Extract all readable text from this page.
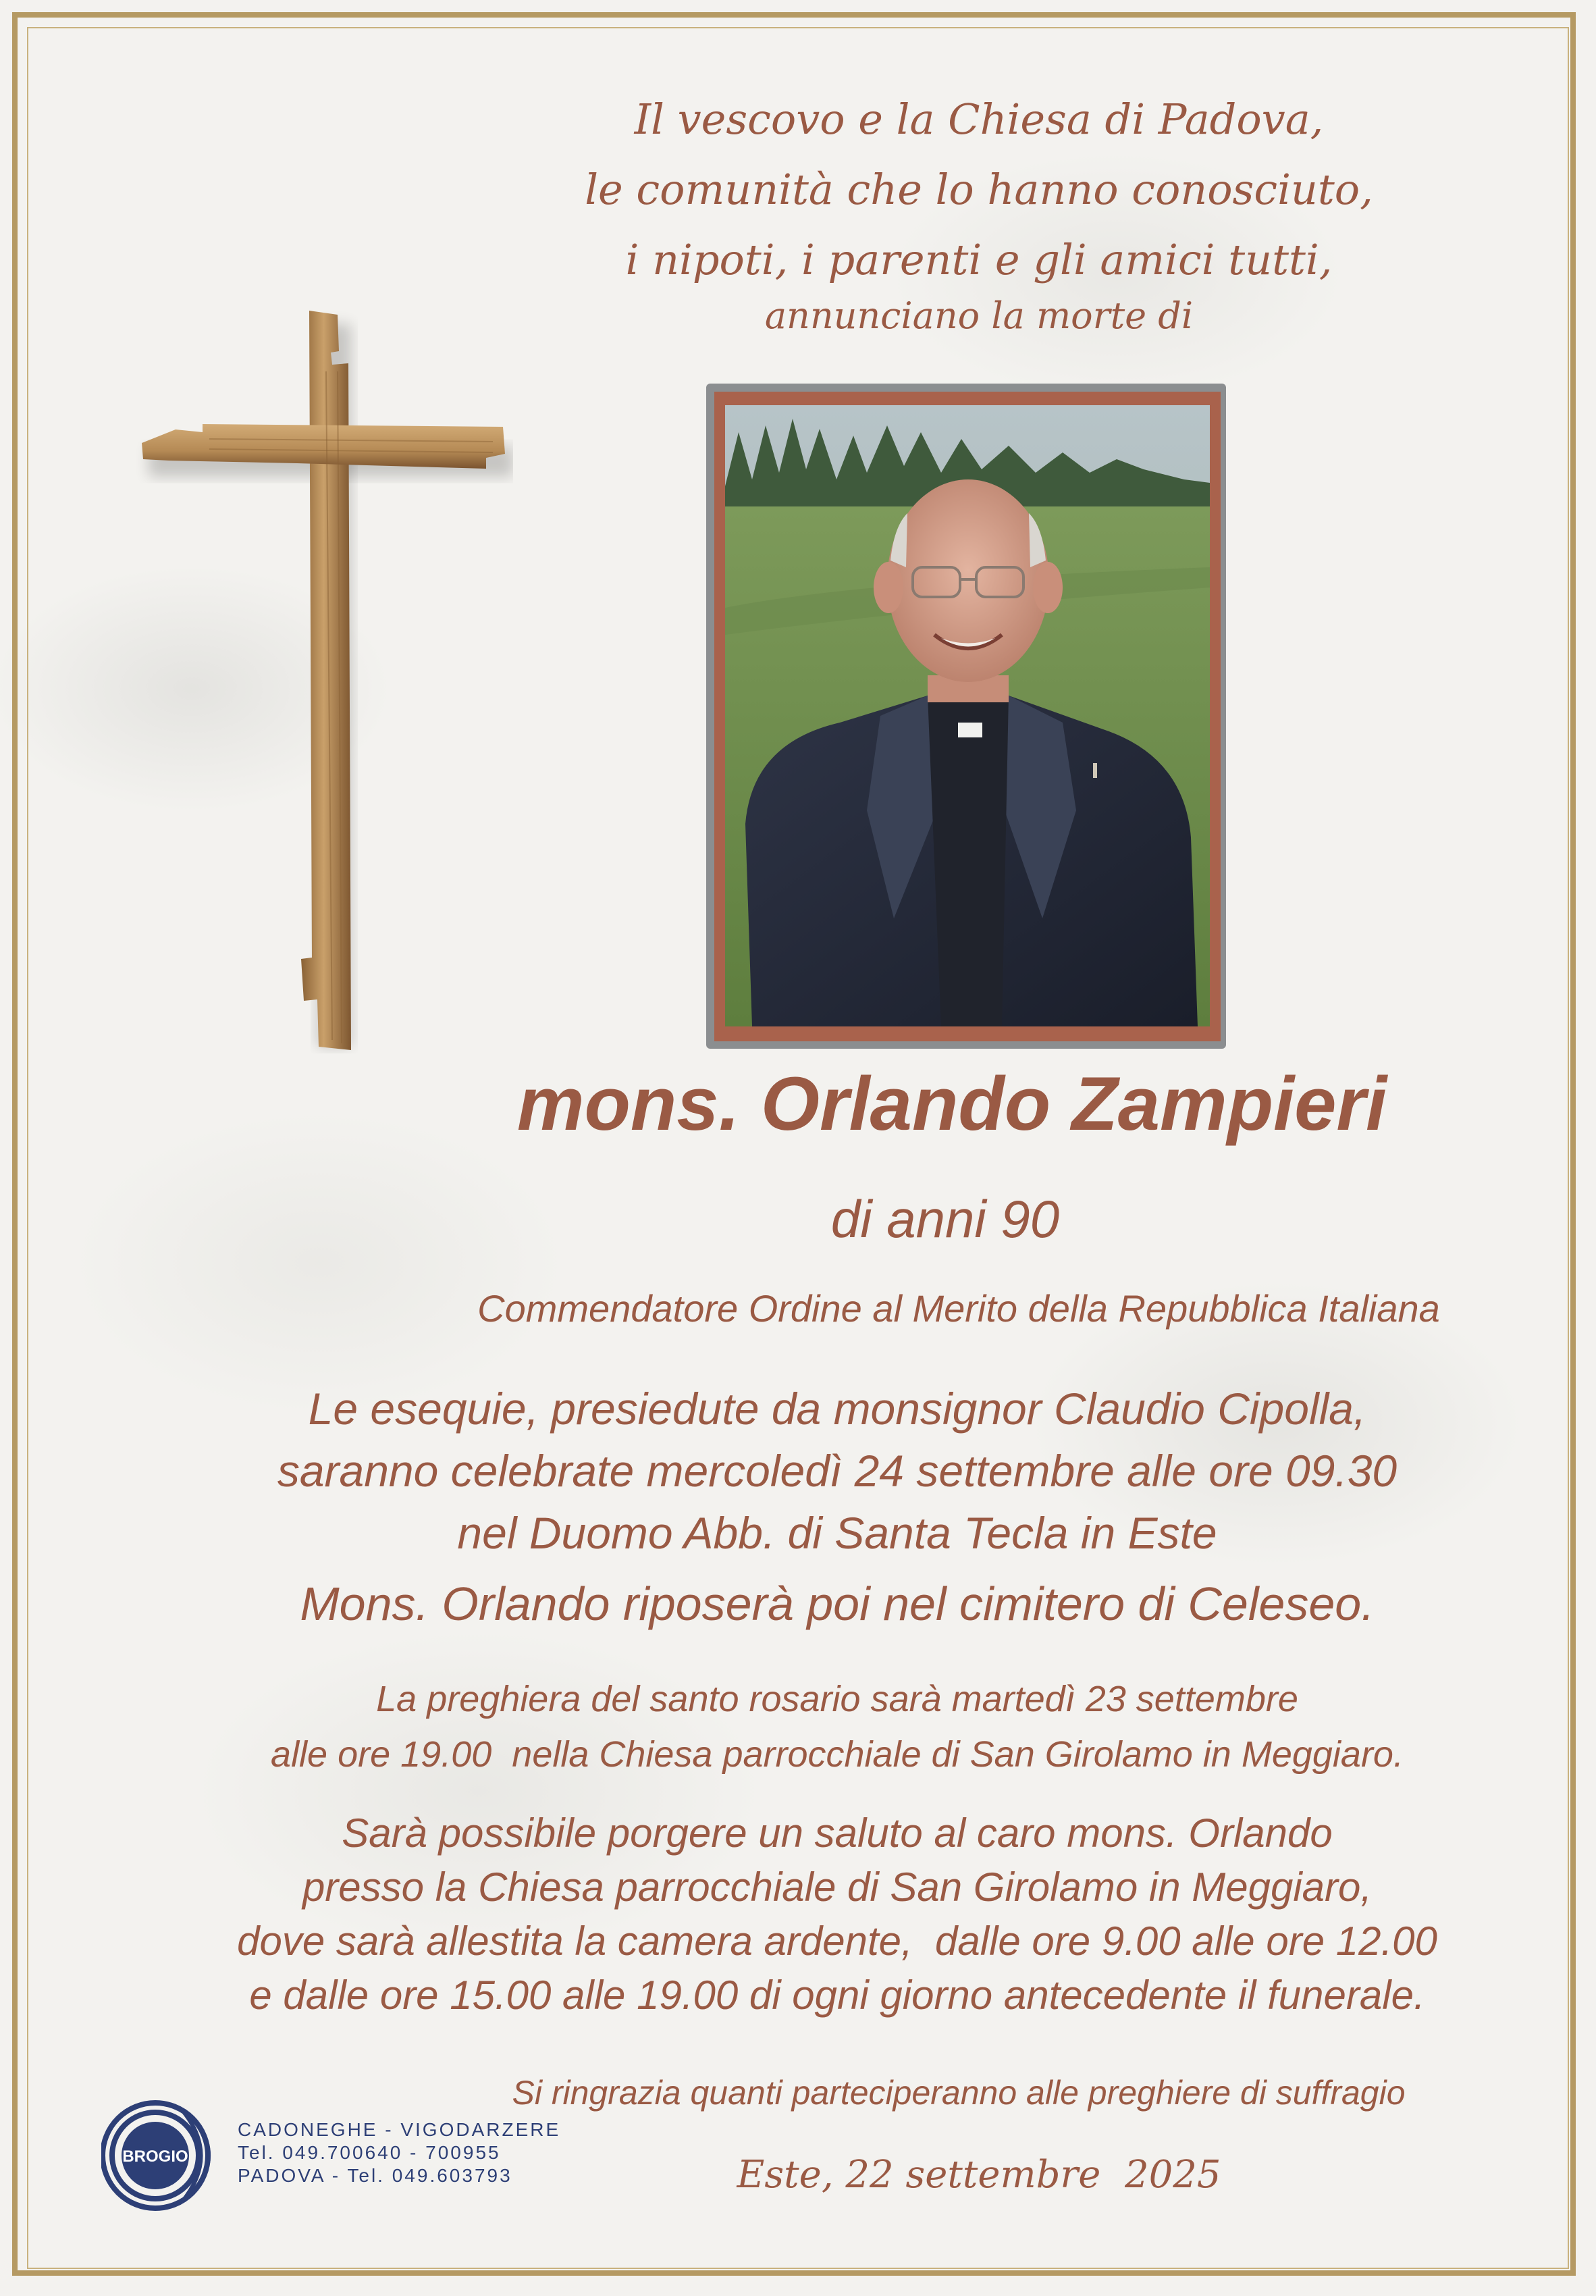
Il vescovo e la Chiesa di Padova,
le comunità che lo hanno conosciuto,
i nipoti, i parenti e gli amici tutti,
annunciano la morte di
mons. Orlando Zampieri
di anni 90
Commendatore Ordine al Merito della Repubblica Italiana
Le esequie, presiedute da monsignor Claudio Cipolla,
saranno celebrate mercoledì 24 settembre alle ore 09.30
nel Duomo Abb. di Santa Tecla in Este
Mons. Orlando riposerà poi nel cimitero di Celeseo.
La preghiera del santo rosario sarà martedì 23 settembre
alle ore 19.00  nella Chiesa parrocchiale di San Girolamo in Meggiaro.
Sarà possibile porgere un saluto al caro mons. Orlando
presso la Chiesa parrocchiale di San Girolamo in Meggiaro,
dove sarà allestita la camera ardente,  dalle ore 9.00 alle ore 12.00
e dalle ore 15.00 alle 19.00 di ogni giorno antecedente il funerale.
Si ringrazia quanti parteciperanno alle preghiere di suffragio
Este, 22 settembre  2025
BROGIO
CADONEGHE - VIGODARZERE
Tel. 049.700640 - 700955
PADOVA - Tel. 049.603793
